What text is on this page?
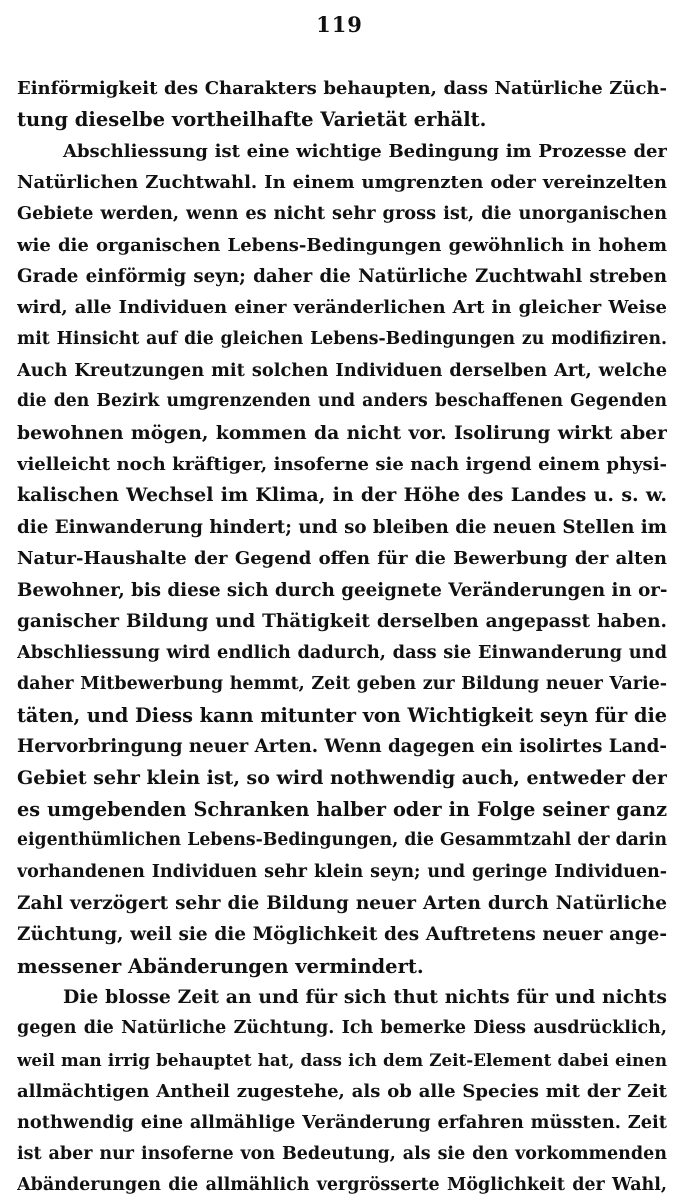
119
Einförmigkeit des Charakters behaupten, dass Natürliche Züch-
tung dieselbe vortheilhafte Varietät erhält.
Abschliessung ist eine wichtige Bedingung im Prozesse der
Natürlichen Zuchtwahl. In einem umgrenzten oder vereinzelten
Gebiete werden, wenn es nicht sehr gross ist, die unorganischen
wie die organischen Lebens-Bedingungen gewöhnlich in hohem
Grade einförmig seyn; daher die Natürliche Zuchtwahl streben
wird, alle Individuen einer veränderlichen Art in gleicher Weise
mit Hinsicht auf die gleichen Lebens-Bedingungen zu modifiziren.
Auch Kreutzungen mit solchen Individuen derselben Art, welche
die den Bezirk umgrenzenden und anders beschaffenen Gegenden
bewohnen mögen, kommen da nicht vor. Isolirung wirkt aber
vielleicht noch kräftiger, insoferne sie nach irgend einem physi-
kalischen Wechsel im Klima, in der Höhe des Landes u. s. w.
die Einwanderung hindert; und so bleiben die neuen Stellen im
Natur-Haushalte der Gegend offen für die Bewerbung der alten
Bewohner, bis diese sich durch geeignete Veränderungen in or-
ganischer Bildung und Thätigkeit derselben angepasst haben.
Abschliessung wird endlich dadurch, dass sie Einwanderung und
daher Mitbewerbung hemmt, Zeit geben zur Bildung neuer Varie-
täten, und Diess kann mitunter von Wichtigkeit seyn für die
Hervorbringung neuer Arten. Wenn dagegen ein isolirtes Land-
Gebiet sehr klein ist, so wird nothwendig auch, entweder der
es umgebenden Schranken halber oder in Folge seiner ganz
eigenthümlichen Lebens-Bedingungen, die Gesammtzahl der darin
vorhandenen Individuen sehr klein seyn; und geringe Individuen-
Zahl verzögert sehr die Bildung neuer Arten durch Natürliche
Züchtung, weil sie die Möglichkeit des Auftretens neuer ange-
messener Abänderungen vermindert.
Die blosse Zeit an und für sich thut nichts für und nichts
gegen die Natürliche Züchtung. Ich bemerke Diess ausdrücklich,
weil man irrig behauptet hat, dass ich dem Zeit-Element dabei einen
allmächtigen Antheil zugestehe, als ob alle Species mit der Zeit
nothwendig eine allmählige Veränderung erfahren müssten. Zeit
ist aber nur insoferne von Bedeutung, als sie den vorkommenden
Abänderungen die allmählich vergrösserte Möglichkeit der Wahl,
